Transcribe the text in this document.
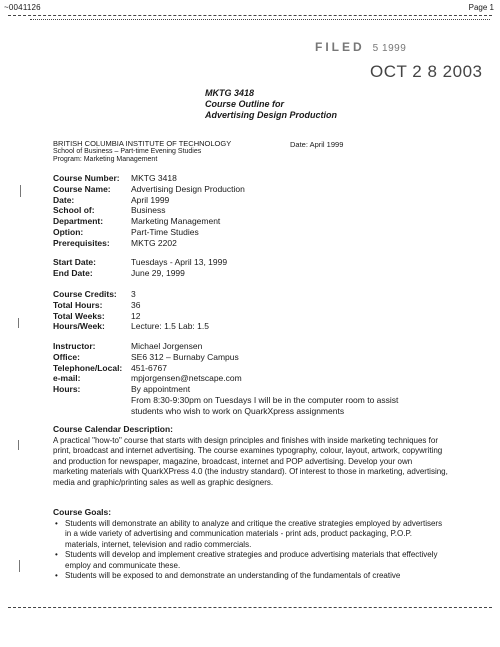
~0041126	Page 1
FILED 5 1999
OCT 2 8 2003
MKTG 3418
Course Outline for
Advertising Design Production
BRITISH COLUMBIA INSTITUTE OF TECHNOLOGY
School of Business – Part-time Evening Studies
Program: Marketing Management
Date: April 1999
Course Number:	MKTG 3418
Course Name:	Advertising Design Production
Date:	April 1999
School of:	Business
Department:	Marketing Management
Option:	Part-Time Studies
Prerequisites:	MKTG 2202
Start Date:	Tuesdays - April 13, 1999
End Date:	June 29, 1999
Course Credits:	3
Total Hours:	36
Total Weeks:	12
Hours/Week:	Lecture: 1.5 Lab: 1.5
Instructor:	Michael Jorgensen
Office:	SE6 312 – Burnaby Campus
Telephone/Local:	451-6767
e-mail:	mpjorgensen@netscape.com
Hours:	By appointment
From 8:30-9:30pm on Tuesdays I will be in the computer room to assist
students who wish to work on QuarkXpress assignments
Course Calendar Description:
A practical "how-to" course that starts with design principles and finishes with inside marketing techniques for print, broadcast and internet advertising. The course examines typography, colour, layout, artwork, copywriting and production for newspaper, magazine, broadcast, internet and POP advertising. Develop your own marketing materials with QuarkXPress 4.0 (the industry standard). Of interest to those in marketing, advertising, media and graphic/printing sales as well as graphic designers.
Course Goals:
• Students will demonstrate an ability to analyze and critique the creative strategies employed by advertisers in a wide variety of advertising and communication materials - print ads, product packaging, P.O.P. materials, internet, television and radio commercials.
• Students will develop and implement creative strategies and produce advertising materials that effectively employ and communicate these.
• Students will be exposed to and demonstrate an understanding of the fundamentals of creative
